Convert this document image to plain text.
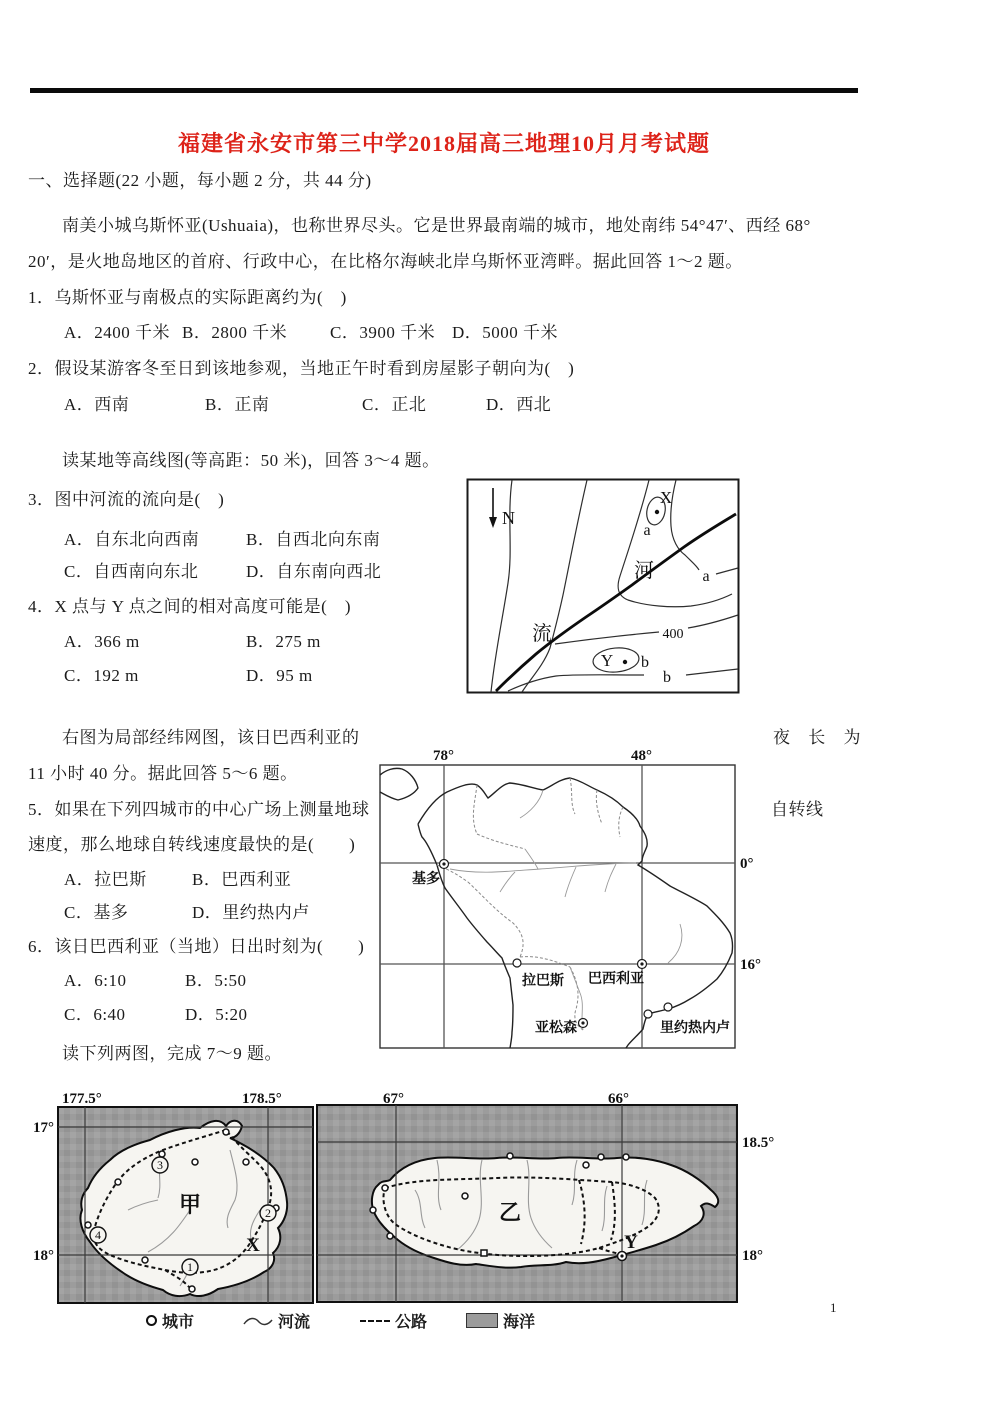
福建省永安市第三中学2018届高三地理10月月考试题
一、选择题(22 小题，每小题 2 分，共 44 分)
南美小城乌斯怀亚(Ushuaia)，也称世界尽头。它是世界最南端的城市，地处南纬 54°47′、西经 68°
20′，是火地岛地区的首府、行政中心，在比格尔海峡北岸乌斯怀亚湾畔。据此回答 1～2 题。
1．乌斯怀亚与南极点的实际距离约为(　)
A．2400 千米 B．2800 千米	C．3900 千米 D．5000 千米
2．假设某游客冬至日到该地参观，当地正午时看到房屋影子朝向为(　)
A．西南	B．正南	C．正北	D．西北
读某地等高线图(等高距：50 米)，回答 3～4 题。
3．图中河流的流向是(　)
A．自东北向西南	B．自西北向东南
C．自西南向东北	D．自东南向西北
4．X 点与 Y 点之间的相对高度可能是(　)
A．366 m	B．275 m
C．192 m	D．95 m
N
X
a
a
河
流	400
Y b
b
右图为局部经纬网图，该日巴西利亚的	夜 长 为
11 小时 40 分。据此回答 5～6 题。
5．如果在下列四城市的中心广场上测量地球	自转线
速度，那么地球自转线速度最快的是(　　)
A．拉巴斯	B．巴西利亚
C．基多	D．里约热内卢
6．该日巴西利亚（当地）日出时刻为(　　)
A．6:10	B．5:50
C．6:40	D．5:20
78°	48°
0°
16°
基多
拉巴斯 巴西利亚
亚松森	里约热内卢
读下列两图，完成 7～9 题。
3
2
4
1
甲
X
177.5°	178.5°
17°
18°
乙
Y
67°	66°
18.5°
18°
城市	河流	公路	海洋
1
